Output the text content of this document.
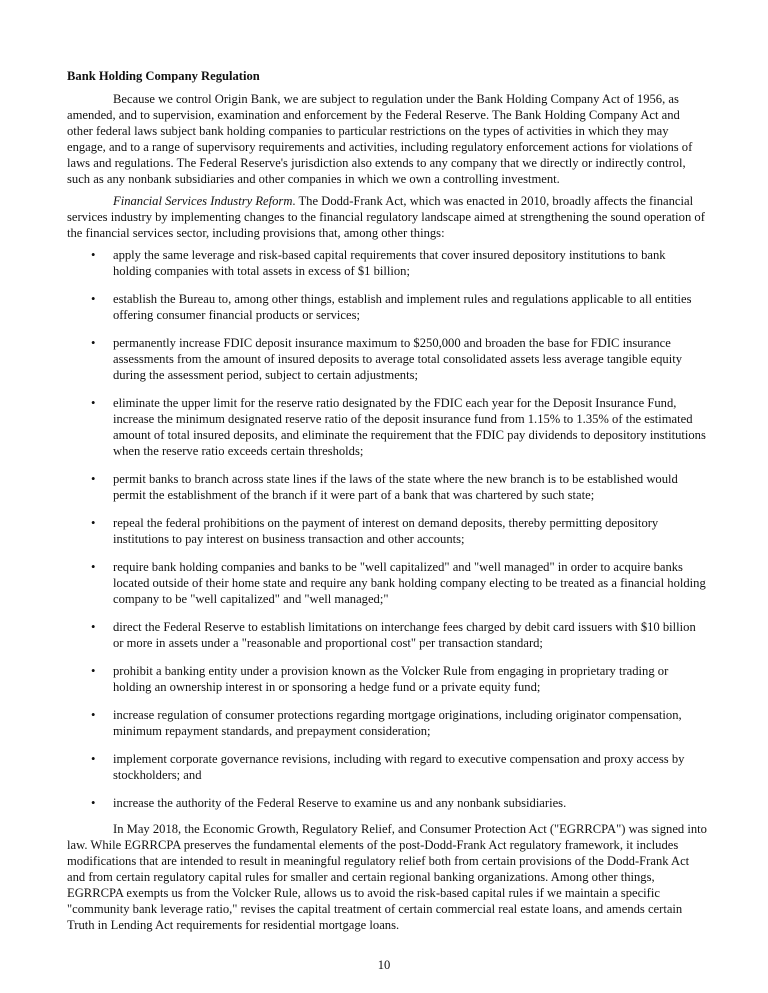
Bank Holding Company Regulation

Because we control Origin Bank, we are subject to regulation under the Bank Holding Company Act of 1956, as amended, and to supervision, examination and enforcement by the Federal Reserve. The Bank Holding Company Act and other federal laws subject bank holding companies to particular restrictions on the types of activities in which they may engage, and to a range of supervisory requirements and activities, including regulatory enforcement actions for violations of laws and regulations. The Federal Reserve's jurisdiction also extends to any company that we directly or indirectly control, such as any nonbank subsidiaries and other companies in which we own a controlling investment.

Financial Services Industry Reform. The Dodd-Frank Act, which was enacted in 2010, broadly affects the financial services industry by implementing changes to the financial regulatory landscape aimed at strengthening the sound operation of the financial services sector, including provisions that, among other things:

• apply the same leverage and risk-based capital requirements that cover insured depository institutions to bank holding companies with total assets in excess of $1 billion;
• establish the Bureau to, among other things, establish and implement rules and regulations applicable to all entities offering consumer financial products or services;
• permanently increase FDIC deposit insurance maximum to $250,000 and broaden the base for FDIC insurance assessments from the amount of insured deposits to average total consolidated assets less average tangible equity during the assessment period, subject to certain adjustments;
• eliminate the upper limit for the reserve ratio designated by the FDIC each year for the Deposit Insurance Fund, increase the minimum designated reserve ratio of the deposit insurance fund from 1.15% to 1.35% of the estimated amount of total insured deposits, and eliminate the requirement that the FDIC pay dividends to depository institutions when the reserve ratio exceeds certain thresholds;
• permit banks to branch across state lines if the laws of the state where the new branch is to be established would permit the establishment of the branch if it were part of a bank that was chartered by such state;
• repeal the federal prohibitions on the payment of interest on demand deposits, thereby permitting depository institutions to pay interest on business transaction and other accounts;
• require bank holding companies and banks to be "well capitalized" and "well managed" in order to acquire banks located outside of their home state and require any bank holding company electing to be treated as a financial holding company to be "well capitalized" and "well managed;"
• direct the Federal Reserve to establish limitations on interchange fees charged by debit card issuers with $10 billion or more in assets under a "reasonable and proportional cost" per transaction standard;
• prohibit a banking entity under a provision known as the Volcker Rule from engaging in proprietary trading or holding an ownership interest in or sponsoring a hedge fund or a private equity fund;
• increase regulation of consumer protections regarding mortgage originations, including originator compensation, minimum repayment standards, and prepayment consideration;
• implement corporate governance revisions, including with regard to executive compensation and proxy access by stockholders; and
• increase the authority of the Federal Reserve to examine us and any nonbank subsidiaries.

In May 2018, the Economic Growth, Regulatory Relief, and Consumer Protection Act ("EGRRCPA") was signed into law. While EGRRCPA preserves the fundamental elements of the post-Dodd-Frank Act regulatory framework, it includes modifications that are intended to result in meaningful regulatory relief both from certain provisions of the Dodd-Frank Act and from certain regulatory capital rules for smaller and certain regional banking organizations. Among other things, EGRRCPA exempts us from the Volcker Rule, allows us to avoid the risk-based capital rules if we maintain a specific "community bank leverage ratio," revises the capital treatment of certain commercial real estate loans, and amends certain Truth in Lending Act requirements for residential mortgage loans.

10
